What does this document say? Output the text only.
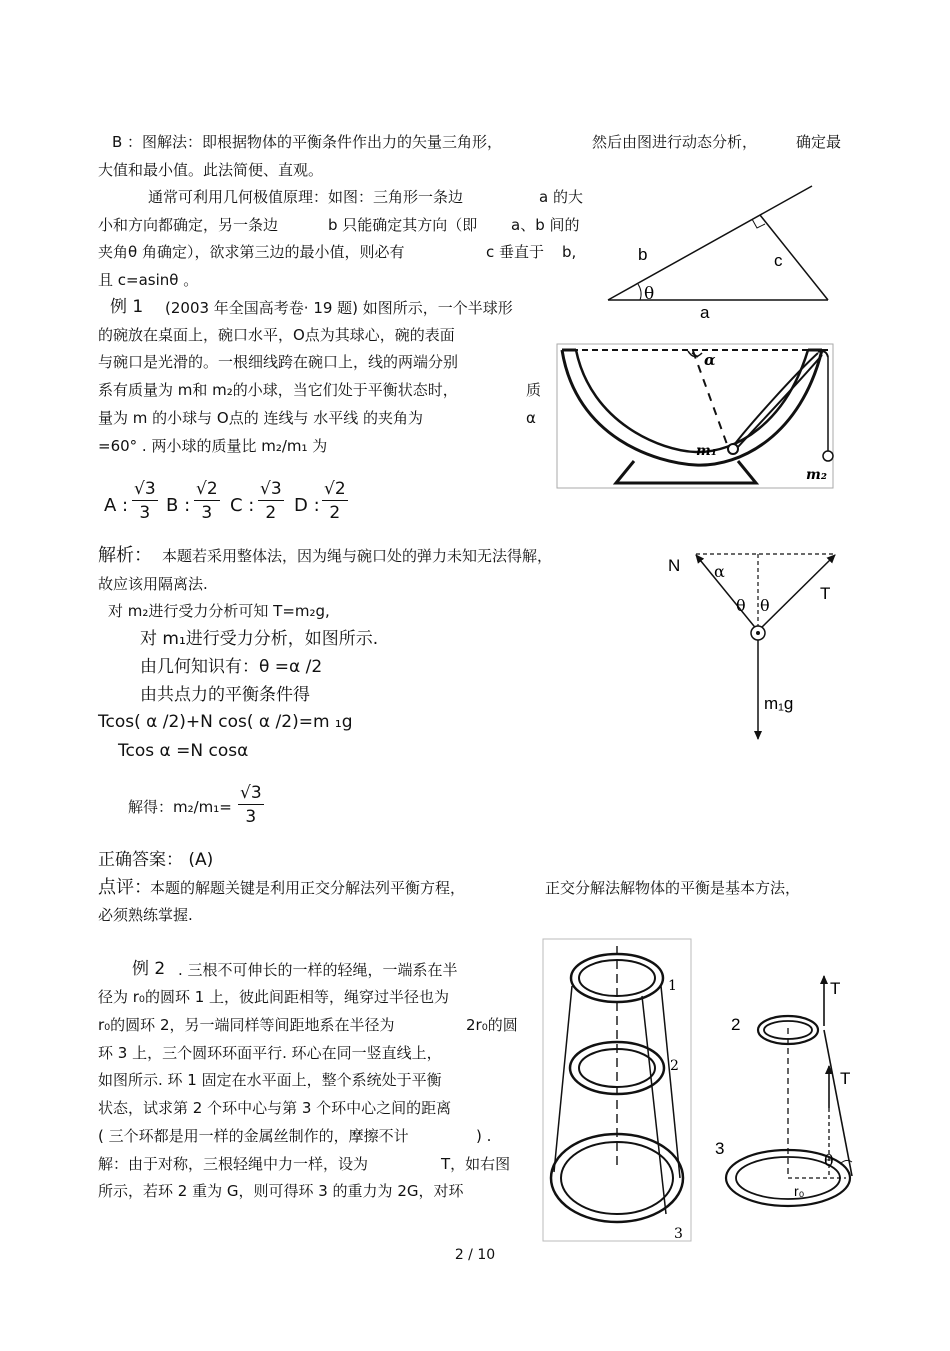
B ：图解法：即根据物体的平衡条件作出力的矢量三角形，	然后由图进行动态分析，	确定最
大值和最小值。此法简便、直观。
通常可利用几何极值原理：如图：三角形一条边	a 的大
小和方向都确定，另一条边	b 只能确定其方向（即 a、b 间的
夹角θ 角确定），欲求第三边的最小值，则必有	c 垂直于 b,
且 c=asinθ 。
b	c
a
θ
例 1 (2003 年全国高考卷· 19 题) 如图所示，一个半球形
的碗放在桌面上，碗口水平，O点为其球心，碗的表面
与碗口是光滑的。一根细线跨在碗口上，线的两端分别
系有质量为 m和 m₂的小球，当它们处于平衡状态时，	质
量为 m 的小球与 O点的 连线与 水平线 的夹角为	α
=60° . 两小球的质量比 m₂/m₁ 为
A : $\frac{√3}{3}$ B : $\frac{√2}{3}$ C : $\frac{√3}{2}$ D : $\frac{√2}{2}$
α
m₁
m₂
解析： 本题若采用整体法，因为绳与碗口处的弹力未知无法得解，
故应该用隔离法.
对 m₂进行受力分析可知 T=m₂g,
对 m₁进行受力分析，如图所示.
由几何知识有：θ =α /2
由共点力的平衡条件得
Tcos( α /2)+N cos( α /2)=m ₁g
Tcos α =N cosα
解得：$m_2/m_1= \frac{√3}{3}$
正确答案： (A)
点评：
本题的解题关键是利用正交分解法列平衡方程，	正交分解法解物体的平衡是基本方法，
必须熟练掌握.
N
T
α
θ θ
m₁g
例 2 . 三根不可伸长的一样的轻绳，一端系在半
径为 r₀的圆环 1 上，彼此间距相等，绳穿过半径也为
r₀的圆环 2，另一端同样等间距地系在半径为	2r₀的圆
环 3 上，三个圆环环面平行. 环心在同一竖直线上，
如图所示. 环 1 固定在水平面上，整个系统处于平衡
状态，试求第 2 个环中心与第 3 个环中心之间的距离
( 三个环都是用一样的金属丝制作的，摩擦不计	) .
解：由于对称，三根轻绳中力一样，设为	T，如右图
所示，若环 2 重为 G，则可得环 3 的重力为 2G，对环
1
2
3
T
T
2
3
θ
r₀
2 / 10
